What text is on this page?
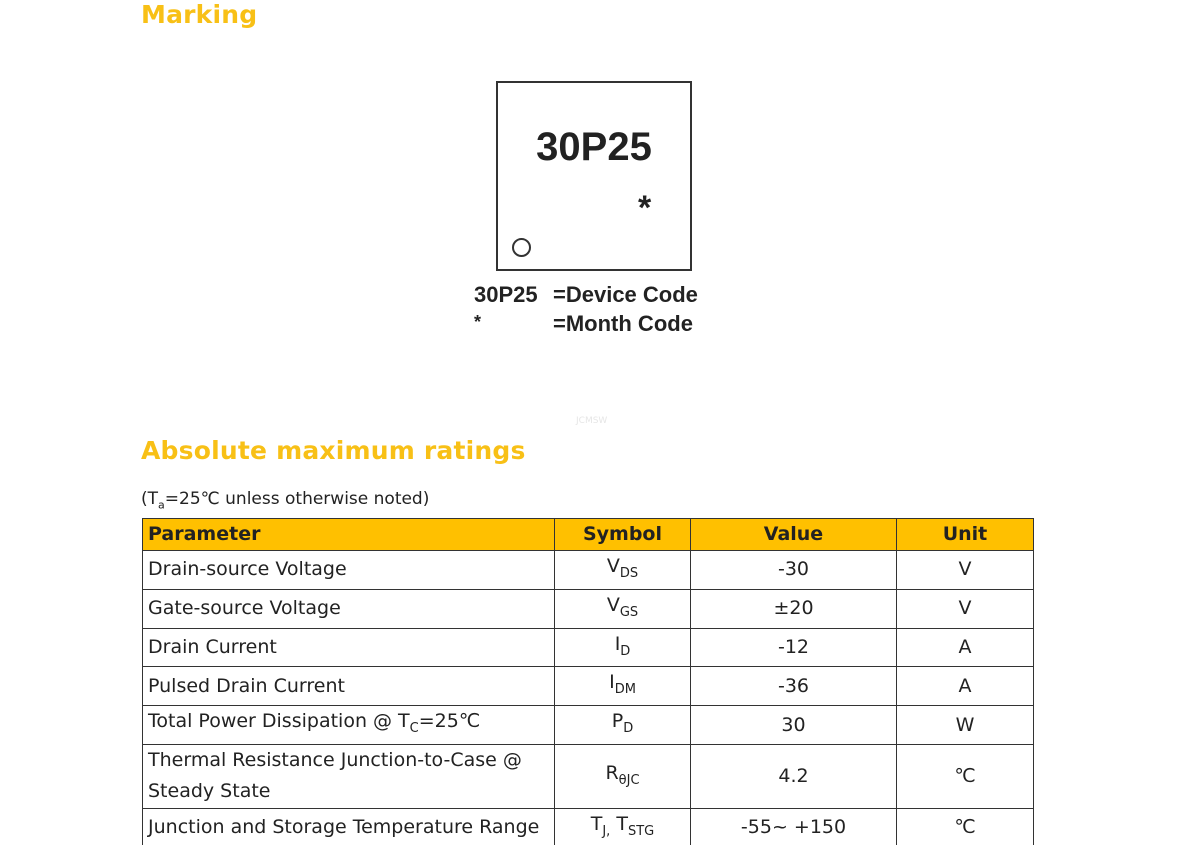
Marking
30P25
*
30P25 =Device Code
*	=Month Code
JCMSW
Absolute maximum ratings
($T_a=25℃$ unless otherwise noted)
Parameter	Symbol	Value	Unit
Drain-source Voltage	$V_{DS}$	-30	V
Gate-source Voltage	$V_{GS}$	±20	V
Drain Current	$I_D$	-12	A
Pulsed Drain Current	$I_{DM}$	-36	A
Total Power Dissipation @ $T_C=25℃$	$P_D$	30	W
Thermal Resistance Junction-to-Case @
Steady State	$R_{\theta JC}$	4.2	℃
Junction and Storage Temperature Range	$T_{J,}$ $T_{STG}$	-55~ +150	℃
